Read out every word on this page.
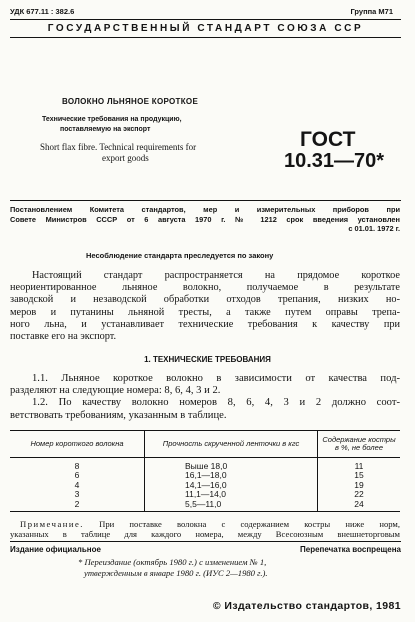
УДК 677.11 : 382.6	Группа М71
ГОСУДАРСТВЕННЫЙ СТАНДАРТ СОЮЗА ССР
ВОЛОКНО ЛЬНЯНОЕ КОРОТКОЕ
Технические требования на продукцию,
поставляемую на экспорт
Short flax fibre. Technical requirements for
export goods
ГОСТ
10.31—70*
Постановлением Комитета стандартов, мер и измерительных приборов при
Совете Министров СССР от 6 августа 1970 г. № 1212 срок введения установлен
с 01.01. 1972 г.
Несоблюдение стандарта преследуется по закону
Настоящий стандарт распространяется на прядомое короткое
неориентированное льняное волокно, получаемое в результате
заводской и незаводской обработки отходов трепания, низких но-
меров и путанины льняной тресты, а также путем оправы трепа-
ного льна, и устанавливает технические требования к качеству при
поставке его на экспорт.
1. ТЕХНИЧЕСКИЕ ТРЕБОВАНИЯ
1.1. Льняное короткое волокно в зависимости от качества под-
разделяют на следующие номера: 8, 6, 4, 3 и 2.
1.2. По качеству волокно номеров 8, 6, 4, 3 и 2 должно соот-
ветствовать требованиям, указанным в таблице.
Номер короткого волокна	Прочность скрученной ленточки в кгс	Содержание костры в %, не более
8	Выше 18,0	11
6	16,1—18,0	15
4	14,1—16,0	19
3	11,1—14,0	22
2	5,5—11,0	24
Примечание. При поставке волокна с содержанием костры ниже норм,
указанных в таблице для каждого номера, между Всесоюзным внешнеторговым
Издание официальное	Перепечатка воспрещена
* Переиздание (октябрь 1980 г.) с изменением № 1,
утвержденным в январе 1980 г. (ИУС 2—1980 г.).
© Издательство стандартов, 1981
